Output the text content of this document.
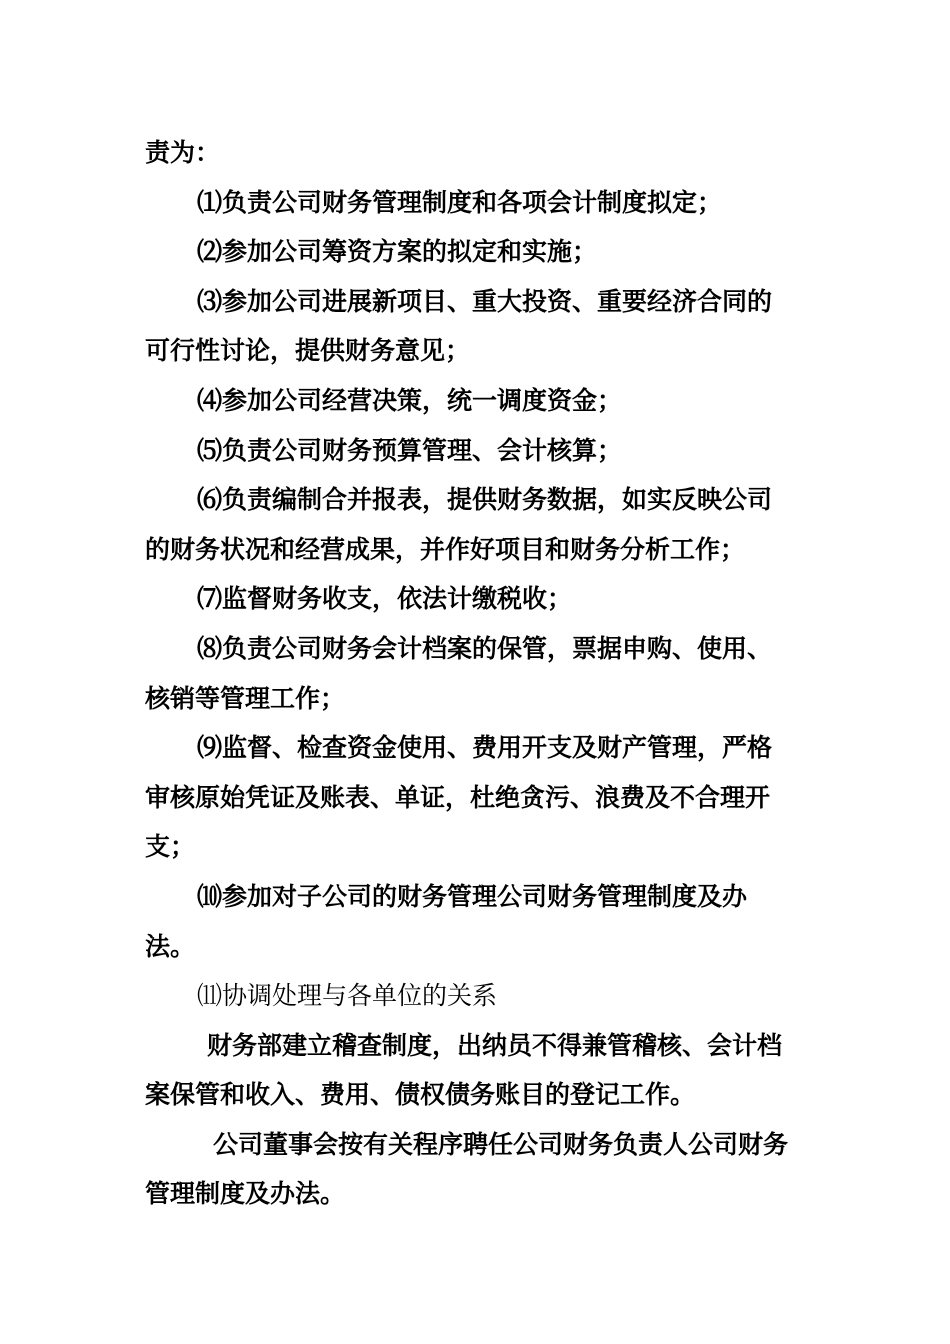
责为：

⑴负责公司财务管理制度和各项会计制度拟定；

⑵参加公司筹资方案的拟定和实施；

⑶参加公司进展新项目、重大投资、重要经济合同的
可行性讨论，提供财务意见；

⑷参加公司经营决策，统一调度资金；

⑸负责公司财务预算管理、会计核算；

⑹负责编制合并报表，提供财务数据，如实反映公司
的财务状况和经营成果，并作好项目和财务分析工作；

⑺监督财务收支，依法计缴税收；

⑻负责公司财务会计档案的保管，票据申购、使用、
核销等管理工作；

⑼监督、检查资金使用、费用开支及财产管理，严格
审核原始凭证及账表、单证，杜绝贪污、浪费及不合理开
支；

⑽参加对子公司的财务管理公司财务管理制度及办
法。

⑾协调处理与各单位的关系

财务部建立稽查制度，出纳员不得兼管稽核、会计档
案保管和收入、费用、债权债务账目的登记工作。

公司董事会按有关程序聘任公司财务负责人公司财务
管理制度及办法。
